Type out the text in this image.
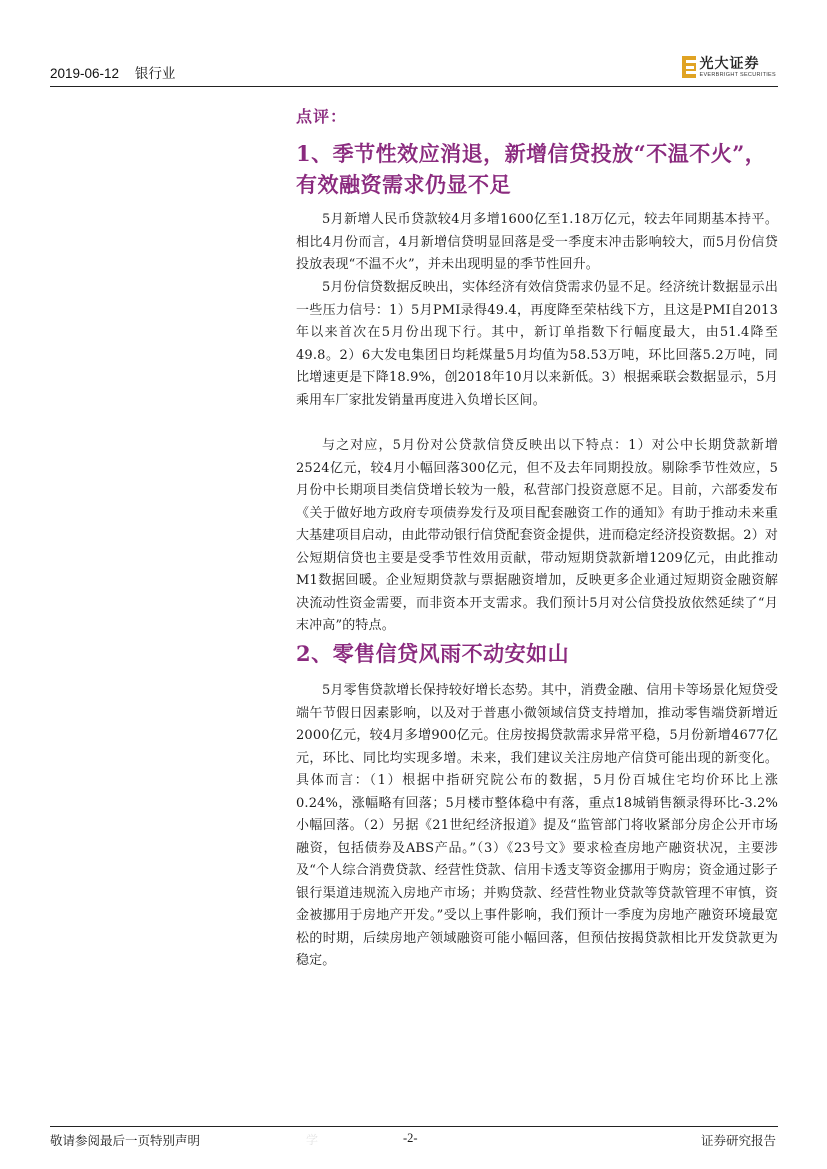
2019-06-12 银行业
光大证券
EVERBRIGHT SECURITIES
点评：
1、季节性效应消退，新增信贷投放“不温不火”，有效融资需求仍显不足

5月新增人民币贷款较4月多增1600亿至1.18万亿元，较去年同期基本持平。相比4月份而言，4月新增信贷明显回落是受一季度末冲击影响较大，而5月份信贷投放表现“不温不火”，并未出现明显的季节性回升。

5月份信贷数据反映出，实体经济有效信贷需求仍显不足。经济统计数据显示出一些压力信号：1）5月PMI录得49.4，再度降至荣枯线下方，且这是PMI自2013年以来首次在5月份出现下行。其中，新订单指数下行幅度最大，由51.4降至49.8。2）6大发电集团日均耗煤量5月均值为58.53万吨，环比回落5.2万吨，同比增速更是下降18.9%，创2018年10月以来新低。3）根据乘联会数据显示，5月乘用车厂家批发销量再度进入负增长区间。

与之对应，5月份对公贷款信贷反映出以下特点：1）对公中长期贷款新增2524亿元，较4月小幅回落300亿元，但不及去年同期投放。剔除季节性效应，5月份中长期项目类信贷增长较为一般，私营部门投资意愿不足。目前，六部委发布《关于做好地方政府专项债券发行及项目配套融资工作的通知》有助于推动未来重大基建项目启动，由此带动银行信贷配套资金提供，进而稳定经济投资数据。2）对公短期信贷也主要是受季节性效用贡献，带动短期贷款新增1209亿元，由此推动M1数据回暖。企业短期贷款与票据融资增加，反映更多企业通过短期资金融资解决流动性资金需要，而非资本开支需求。我们预计5月对公信贷投放依然延续了“月末冲高”的特点。

2、零售信贷风雨不动安如山

5月零售贷款增长保持较好增长态势。其中，消费金融、信用卡等场景化短贷受端午节假日因素影响，以及对于普惠小微领域信贷支持增加，推动零售端贷新增近2000亿元，较4月多增900亿元。住房按揭贷款需求异常平稳，5月份新增4677亿元，环比、同比均实现多增。未来，我们建议关注房地产信贷可能出现的新变化。具体而言：（1）根据中指研究院公布的数据，5月份百城住宅均价环比上涨0.24%，涨幅略有回落；5月楼市整体稳中有落，重点18城销售额录得环比-3.2%小幅回落。（2）另据《21世纪经济报道》提及“监管部门将收紧部分房企公开市场融资，包括债券及ABS产品。”（3）《23号文》要求检查房地产融资状况，主要涉及“个人综合消费贷款、经营性贷款、信用卡透支等资金挪用于购房；资金通过影子银行渠道违规流入房地产市场；并购贷款、经营性物业贷款等贷款管理不审慎，资金被挪用于房地产开发。”受以上事件影响，我们预计一季度为房地产融资环境最宽松的时期，后续房地产领域融资可能小幅回落，但预估按揭贷款相比开发贷款更为稳定。

敬请参阅最后一页特别声明	学	-2-	证券研究报告
